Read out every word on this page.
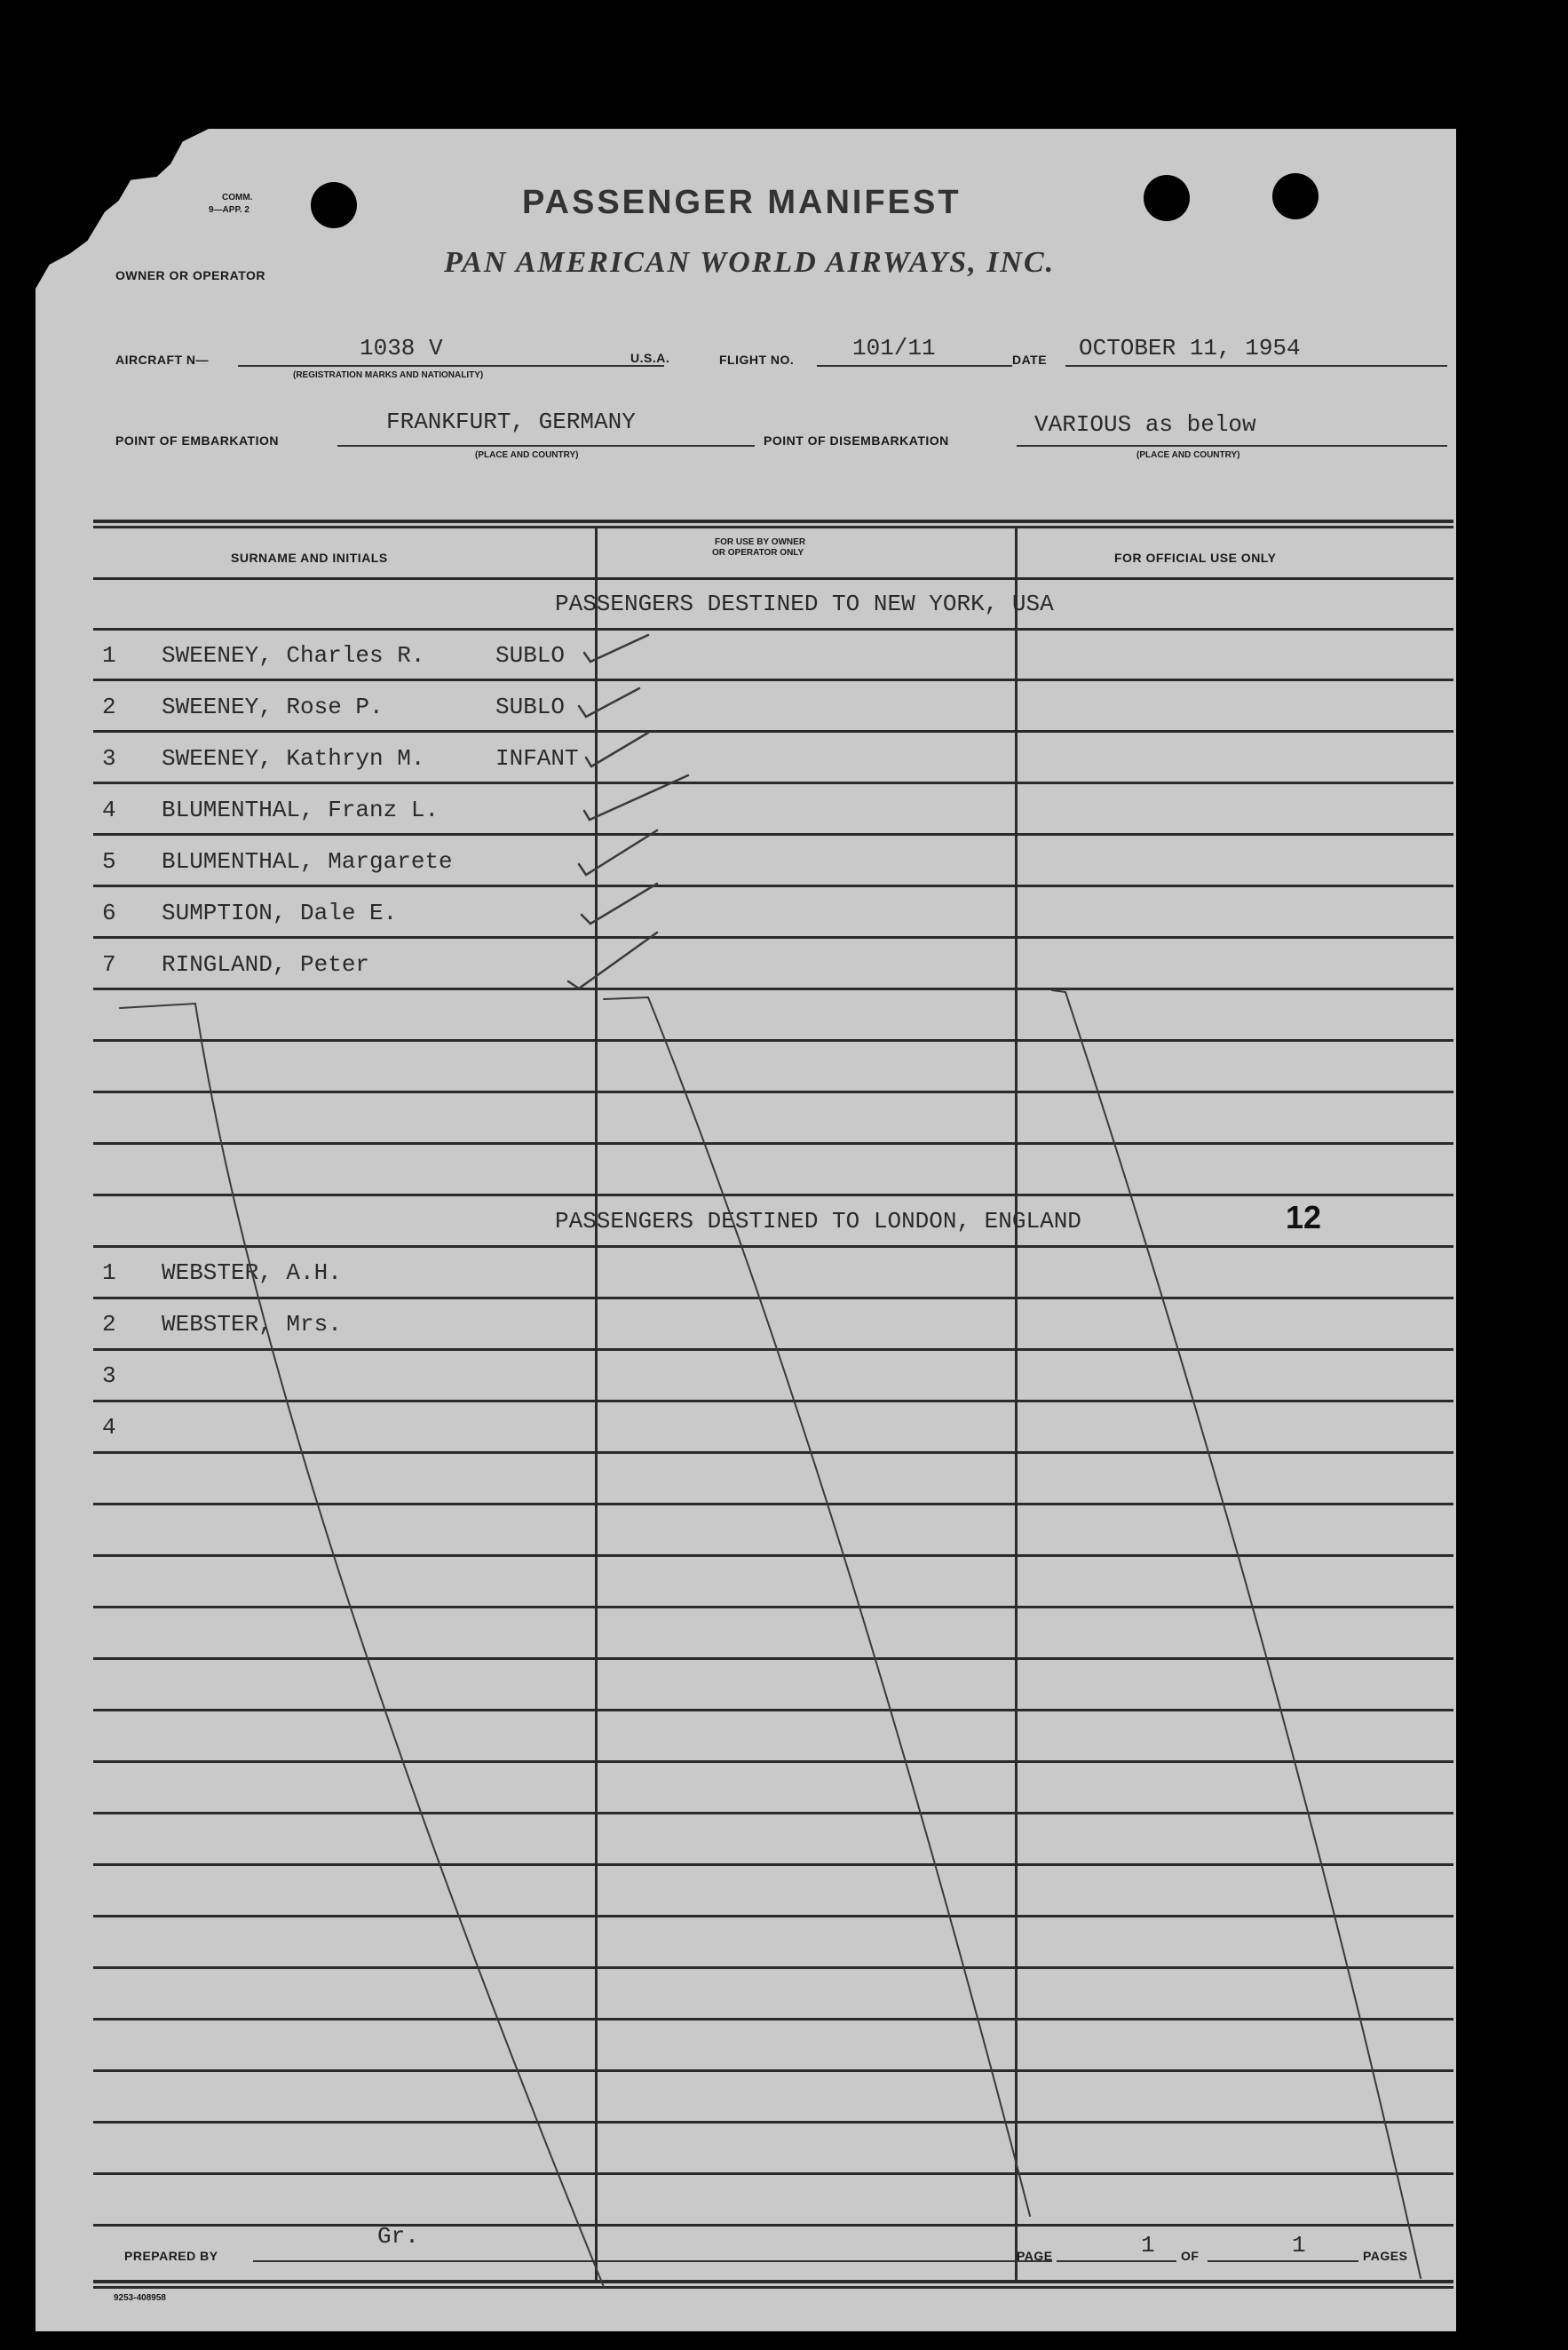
COMM.
9—APP. 2	PASSENGER MANIFEST
OWNER OR OPERATOR	PAN AMERICAN WORLD AIRWAYS, INC.
AIRCRAFT N—	1038 V
(REGISTRATION MARKS AND NATIONALITY)
U.S.A.	FLIGHT NO.	101/11	DATE OCTOBER 11, 1954
POINT OF EMBARKATION
FRANKFURT, GERMANY
(PLACE AND COUNTRY)
POINT OF DISEMBARKATION
VARIOUS as below
(PLACE AND COUNTRY)
SURNAME AND INITIALS
FOR USE BY OWNER
OR OPERATOR ONLY	FOR OFFICIAL USE ONLY
PASSENGERS DESTINED TO NEW YORK, USA
1 SWEENEY, Charles R.	SUBLO
2 SWEENEY, Rose P.	SUBLO
3 SWEENEY, Kathryn M.	INFANT
4 BLUMENTHAL, Franz L.
5 BLUMENTHAL, Margarete
6 SUMPTION, Dale E.
7 RINGLAND, Peter
PASSENGERS DESTINED TO LONDON, ENGLAND	12
1 WEBSTER, A.H.
2 WEBSTER, Mrs.
3
4
PREPARED BY
Gr.
PAGE	1 OF	1	PAGES
9253-408958
